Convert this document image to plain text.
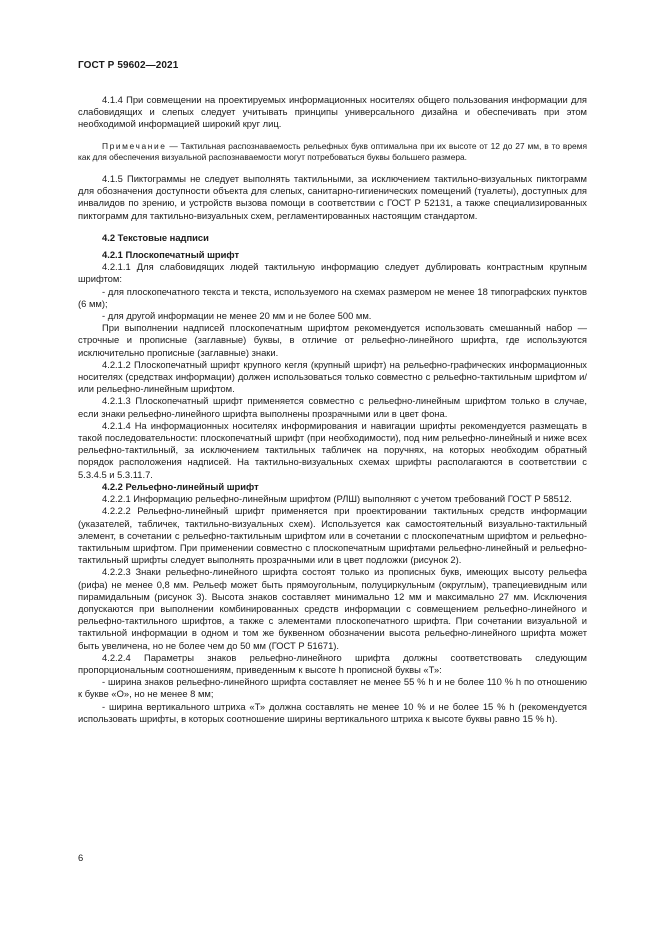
ГОСТ Р 59602—2021

4.1.4 При совмещении на проектируемых информационных носителях общего пользования информации для слабовидящих и слепых следует учитывать принципы универсального дизайна и обеспечивать при этом необходимой информацией широкий круг лиц.

Примечание — Тактильная распознаваемость рельефных букв оптимальна при их высоте от 12 до 27 мм, в то время как для обеспечения визуальной распознаваемости могут потребоваться буквы большего размера.

4.1.5 Пиктограммы не следует выполнять тактильными, за исключением тактильно-визуальных пиктограмм для обозначения доступности объекта для слепых, санитарно-гигиенических помещений (туалеты), доступных для инвалидов по зрению, и устройств вызова помощи в соответствии с ГОСТ Р 52131, а также специализированных пиктограмм для тактильно-визуальных схем, регламентированных настоящим стандартом.

4.2 Текстовые надписи

4.2.1 Плоскопечатный шрифт

4.2.1.1 Для слабовидящих людей тактильную информацию следует дублировать контрастным крупным шрифтом:

- для плоскопечатного текста и текста, используемого на схемах размером не менее 18 типографских пунктов (6 мм);

- для другой информации не менее 20 мм и не более 500 мм.

При выполнении надписей плоскопечатным шрифтом рекомендуется использовать смешанный набор — строчные и прописные (заглавные) буквы, в отличие от рельефно-линейного шрифта, где используются исключительно прописные (заглавные) знаки.

4.2.1.2 Плоскопечатный шрифт крупного кегля (крупный шрифт) на рельефно-графических информационных носителях (средствах информации) должен использоваться только совместно с рельефно-тактильным шрифтом и/или рельефно-линейным шрифтом.

4.2.1.3 Плоскопечатный шрифт применяется совместно с рельефно-линейным шрифтом только в случае, если знаки рельефно-линейного шрифта выполнены прозрачными или в цвет фона.

4.2.1.4 На информационных носителях информирования и навигации шрифты рекомендуется размещать в такой последовательности: плоскопечатный шрифт (при необходимости), под ним рельефно-линейный и ниже всех рельефно-тактильный, за исключением тактильных табличек на поручнях, на которых необходим обратный порядок расположения надписей. На тактильно-визуальных схемах шрифты располагаются в соответствии с 5.3.4.5 и 5.3.11.7.

4.2.2 Рельефно-линейный шрифт

4.2.2.1 Информацию рельефно-линейным шрифтом (РЛШ) выполняют с учетом требований ГОСТ Р 58512.

4.2.2.2 Рельефно-линейный шрифт применяется при проектировании тактильных средств информации (указателей, табличек, тактильно-визуальных схем). Используется как самостоятельный визуально-тактильный элемент, в сочетании с рельефно-тактильным шрифтом или в сочетании с плоскопечатным шрифтом и рельефно-тактильным шрифтом. При применении совместно с плоскопечатным шрифтами рельефно-линейный и рельефно-тактильный шрифты следует выполнять прозрачными или в цвет подложки (рисунок 2).

4.2.2.3 Знаки рельефно-линейного шрифта состоят только из прописных букв, имеющих высоту рельефа (рифа) не менее 0,8 мм. Рельеф может быть прямоугольным, полуциркульным (округлым), трапециевидным или пирамидальным (рисунок 3). Высота знаков составляет минимально 12 мм и максимально 27 мм. Исключения допускаются при выполнении комбинированных средств информации с совмещением рельефно-линейного и рельефно-тактильного шрифтов, а также с элементами плоскопечатного шрифта. При сочетании визуальной и тактильной информации в одном и том же буквенном обозначении высота рельефно-линейного шрифта может быть увеличена, но не более чем до 50 мм (ГОСТ Р 51671).

4.2.2.4 Параметры знаков рельефно-линейного шрифта должны соответствовать следующим пропорциональным соотношениям, приведенным к высоте h прописной буквы «Т»:

- ширина знаков рельефно-линейного шрифта составляет не менее 55 % h и не более 110 % h по отношению к букве «О», но не менее 8 мм;

- ширина вертикального штриха «Т» должна составлять не менее 10 % и не более 15 % h (рекомендуется использовать шрифты, в которых соотношение ширины вертикального штриха к высоте буквы равно 15 % h).

6
